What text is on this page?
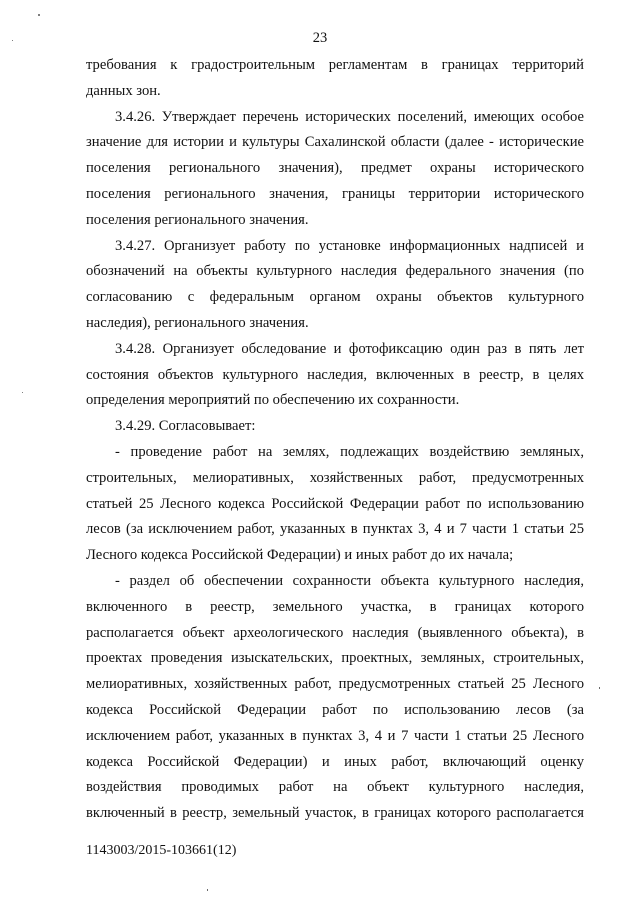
23
требования к градостроительным регламентам в границах территорий
данных зон.
3.4.26. Утверждает перечень исторических поселений, имеющих особое
значение для истории и культуры Сахалинской области (далее - исторические
поселения регионального значения), предмет охраны исторического
поселения регионального значения, границы территории исторического
поселения регионального значения.
3.4.27. Организует работу по установке информационных надписей и
обозначений на объекты культурного наследия федерального значения (по
согласованию с федеральным органом охраны объектов культурного
наследия), регионального значения.
3.4.28. Организует обследование и фотофиксацию один раз в пять лет
состояния объектов культурного наследия, включенных в реестр, в целях
определения мероприятий по обеспечению их сохранности.
3.4.29. Согласовывает:
- проведение работ на землях, подлежащих воздействию земляных,
строительных, мелиоративных, хозяйственных работ, предусмотренных
статьей 25 Лесного кодекса Российской Федерации работ по использованию
лесов (за исключением работ, указанных в пунктах 3, 4 и 7 части 1 статьи 25
Лесного кодекса Российской Федерации) и иных работ до их начала;
- раздел об обеспечении сохранности объекта культурного наследия,
включенного в реестр, земельного участка, в границах которого
располагается объект археологического наследия (выявленного объекта), в
проектах проведения изыскательских, проектных, земляных, строительных,
мелиоративных, хозяйственных работ, предусмотренных статьей 25 Лесного
кодекса Российской Федерации работ по использованию лесов (за
исключением работ, указанных в пунктах 3, 4 и 7 части 1 статьи 25 Лесного
кодекса Российской Федерации) и иных работ, включающий оценку
воздействия проводимых работ на объект культурного наследия,
включенный в реестр, земельный участок, в границах которого располагается
1143003/2015-103661(12)
